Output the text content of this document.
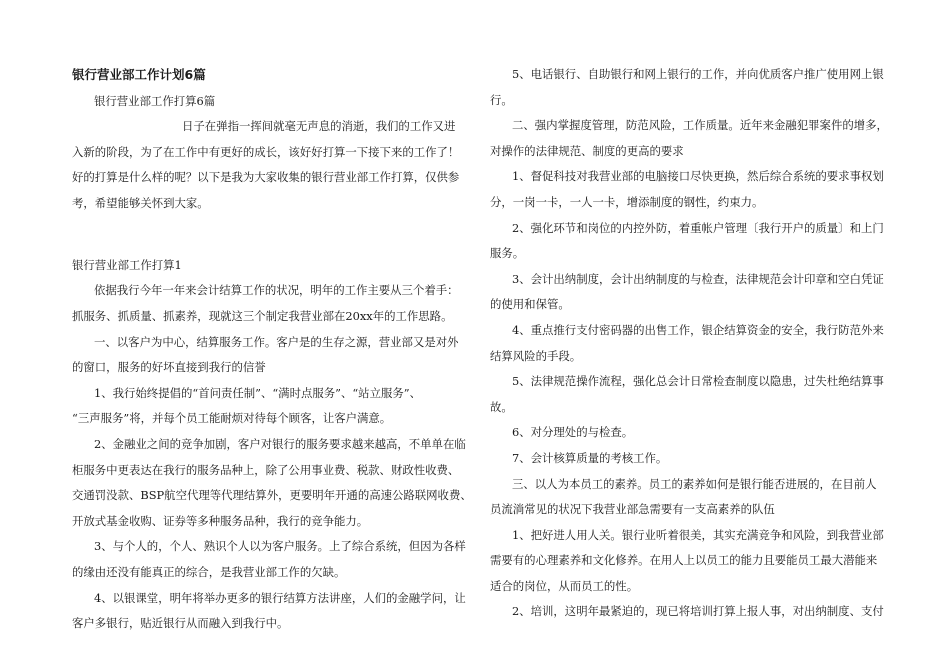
银行营业部工作计划6篇
银行营业部工作打算6篇
日子在弹指一挥间就毫无声息的消逝，我们的工作又进
入新的阶段，为了在工作中有更好的成长，该好好打算一下接下来的工作了！
好的打算是什么样的呢？以下是我为大家收集的银行营业部工作打算，仅供参
考，希望能够关怀到大家。
银行营业部工作打算1
依据我行今年一年来会计结算工作的状况，明年的工作主要从三个着手：
抓服务、抓质量、抓素养，现就这三个制定我营业部在20xx年的工作思路。
一、以客户为中心，结算服务工作。客户是的生存之源，营业部又是对外
的窗口，服务的好坏直接到我行的信誉
1、我行始终提倡的“首问责任制”、“满时点服务”、“站立服务”、
“三声服务”将，并每个员工能耐烦对待每个顾客，让客户满意。
2、金融业之间的竞争加剧，客户对银行的服务要求越来越高，不单单在临
柜服务中更表达在我行的服务品种上，除了公用事业费、税款、财政性收费、
交通罚没款、BSP航空代理等代理结算外，更要明年开通的高速公路联网收费、
开放式基金收购、证券等多种服务品种，我行的竞争能力。
3、与个人的，个人、熟识个人以为客户服务。上了综合系统，但因为各样
的缘由还没有能真正的综合，是我营业部工作的欠缺。
4、以银课堂，明年将举办更多的银行结算方法讲座，人们的金融学问，让
客户多银行，贴近银行从而融入到我行中。
5、电话银行、自助银行和网上银行的工作，并向优质客户推广使用网上银
行。
二、强内掌握度管理，防范风险，工作质量。近年来金融犯罪案件的增多，
对操作的法律规范、制度的更高的要求
1、督促科技对我营业部的电脑接口尽快更换，然后综合系统的要求事权划
分，一岗一卡，一人一卡，增添制度的钢性，约束力。
2、强化环节和岗位的内控外防，着重帐户管理〔我行开户的质量〕和上门
服务。
3、会计出纳制度，会计出纳制度的与检查，法律规范会计印章和空白凭证
的使用和保管。
4、重点推行支付密码器的出售工作，银企结算资金的安全，我行防范外来
结算风险的手段。
5、法律规范操作流程，强化总会计日常检查制度以隐患，过失杜绝结算事
故。
6、对分理处的与检查。
7、会计核算质量的考核工作。
三、以人为本员工的素养。员工的素养如何是银行能否进展的，在目前人
员流淌常见的状况下我营业部急需要有一支高素养的队伍
1、把好进人用人关。银行业听着很美，其实充满竞争和风险，到我营业部
需要有的心理素养和文化修养。在用人上以员工的能力且要能员工最大潜能来
适合的岗位，从而员工的性。
2、培训，这明年最紧迫的，现已将培训打算上报人事，对出纳制度、支付
